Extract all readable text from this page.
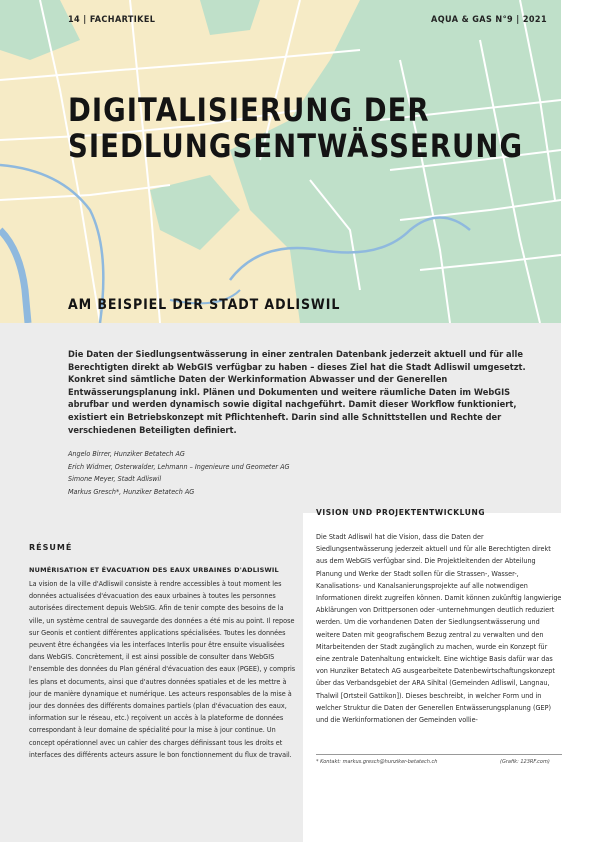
14 | FACHARTIKEL	AQUA & GAS N°9 | 2021
DIGITALISIERUNG DER
SIEDLUNGSENTWÄSSERUNG
AM BEISPIEL DER STADT ADLISWIL

Die Daten der Siedlungsentwässerung in einer zentralen Datenbank jederzeit aktuell und für alle Berechtigten direkt ab WebGIS verfügbar zu haben – dieses Ziel hat die Stadt Adliswil umgesetzt. Konkret sind sämtliche Daten der Werkinformation Abwasser und der Generellen Entwässerungsplanung inkl. Plänen und Dokumenten und weitere räumliche Daten im WebGIS abrufbar und werden dynamisch sowie digital nachgeführt. Damit dieser Workflow funktioniert, existiert ein Betriebskonzept mit Pflichtenheft. Darin sind alle Schnittstellen und Rechte der verschiedenen Beteiligten definiert.

Angelo Birrer, Hunziker Betatech AG
Erich Widmer, Osterwalder, Lehmann – Ingenieure und Geometer AG
Simone Meyer, Stadt Adliswil
Markus Gresch*, Hunziker Betatech AG
RÉSUMÉ
NUMÉRISATION ET ÉVACUATION DES EAUX URBAINES D'ADLISWIL

La vision de la ville d'Adliswil consiste à rendre accessibles à tout moment les données actualisées d'évacuation des eaux urbaines à toutes les personnes autorisées directement depuis WebSIG. Afin de tenir compte des besoins de la ville, un système central de sauvegarde des données a été mis au point. Il repose sur Geonis et contient différentes applications spécialisées. Toutes les données peuvent être échangées via les interfaces Interlis pour être ensuite visualisées dans WebGIS. Concrètement, il est ainsi possible de consulter dans WebGIS l'ensemble des données du Plan général d'évacuation des eaux (PGEE), y compris les plans et documents, ainsi que d'autres données spatiales et de les mettre à jour de manière dynamique et numérique. Les acteurs responsables de la mise à jour des données des différents domaines partiels (plan d'évacuation des eaux, information sur le réseau, etc.) reçoivent un accès à la plateforme de données correspondant à leur domaine de spécialité pour la mise à jour continue. Un concept opérationnel avec un cahier des charges définissant tous les droits et interfaces des différents acteurs assure le bon fonctionnement du flux de travail.

VISION UND PROJEKTENTWICKLUNG

Die Stadt Adliswil hat die Vision, dass die Daten der Siedlungsentwässerung jederzeit aktuell und für alle Berechtigten direkt aus dem WebGIS verfügbar sind. Die Projektleitenden der Abteilung Planung und Werke der Stadt sollen für die Strassen-, Wasser-, Kanalisations- und Kanalsanierungsprojekte auf alle notwendigen Informationen direkt zugreifen können. Damit können zukünftig langwierige Abklärungen von Drittpersonen oder -unternehmungen deutlich reduziert werden. Um die vorhandenen Daten der Siedlungsentwässerung und weitere Daten mit geografischem Bezug zentral zu verwalten und den Mitarbeitenden der Stadt zugänglich zu machen, wurde ein Konzept für eine zentrale Datenhaltung entwickelt. Eine wichtige Basis dafür war das von Hunziker Betatech AG ausgearbeitete Datenbewirtschaftungskonzept über das Verbandsgebiet der ARA Sihltal (Gemeinden Adliswil, Langnau, Thalwil [Ortsteil Gattikon]). Dieses beschreibt, in welcher Form und in welcher Struktur die Daten der Generellen Entwässerungsplanung (GEP) und die Werkinformationen der Gemeinden vollie-

* Kontakt: markus.gresch@hunziker-betatech.ch	(Grafik: 123RF.com)
